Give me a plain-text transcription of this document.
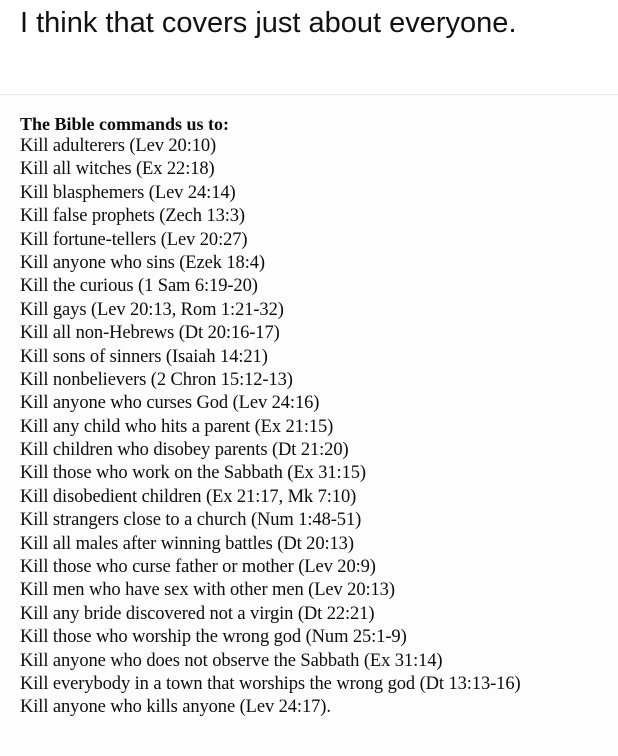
I think that covers just about everyone.

The Bible commands us to:

Kill adulterers (Lev 20:10)
Kill all witches (Ex 22:18)
Kill blasphemers (Lev 24:14)
Kill false prophets (Zech 13:3)
Kill fortune-tellers (Lev 20:27)
Kill anyone who sins (Ezek 18:4)
Kill the curious (1 Sam 6:19-20)
Kill gays (Lev 20:13, Rom 1:21-32)
Kill all non-Hebrews (Dt 20:16-17)
Kill sons of sinners (Isaiah 14:21)
Kill nonbelievers (2 Chron 15:12-13)
Kill anyone who curses God (Lev 24:16)
Kill any child who hits a parent (Ex 21:15)
Kill children who disobey parents (Dt 21:20)
Kill those who work on the Sabbath (Ex 31:15)
Kill disobedient children (Ex 21:17, Mk 7:10)
Kill strangers close to a church (Num 1:48-51)
Kill all males after winning battles (Dt 20:13)
Kill those who curse father or mother (Lev 20:9)
Kill men who have sex with other men (Lev 20:13)
Kill any bride discovered not a virgin (Dt 22:21)
Kill those who worship the wrong god (Num 25:1-9)
Kill anyone who does not observe the Sabbath (Ex 31:14)
Kill everybody in a town that worships the wrong god (Dt 13:13-16)
Kill anyone who kills anyone (Lev 24:17).
